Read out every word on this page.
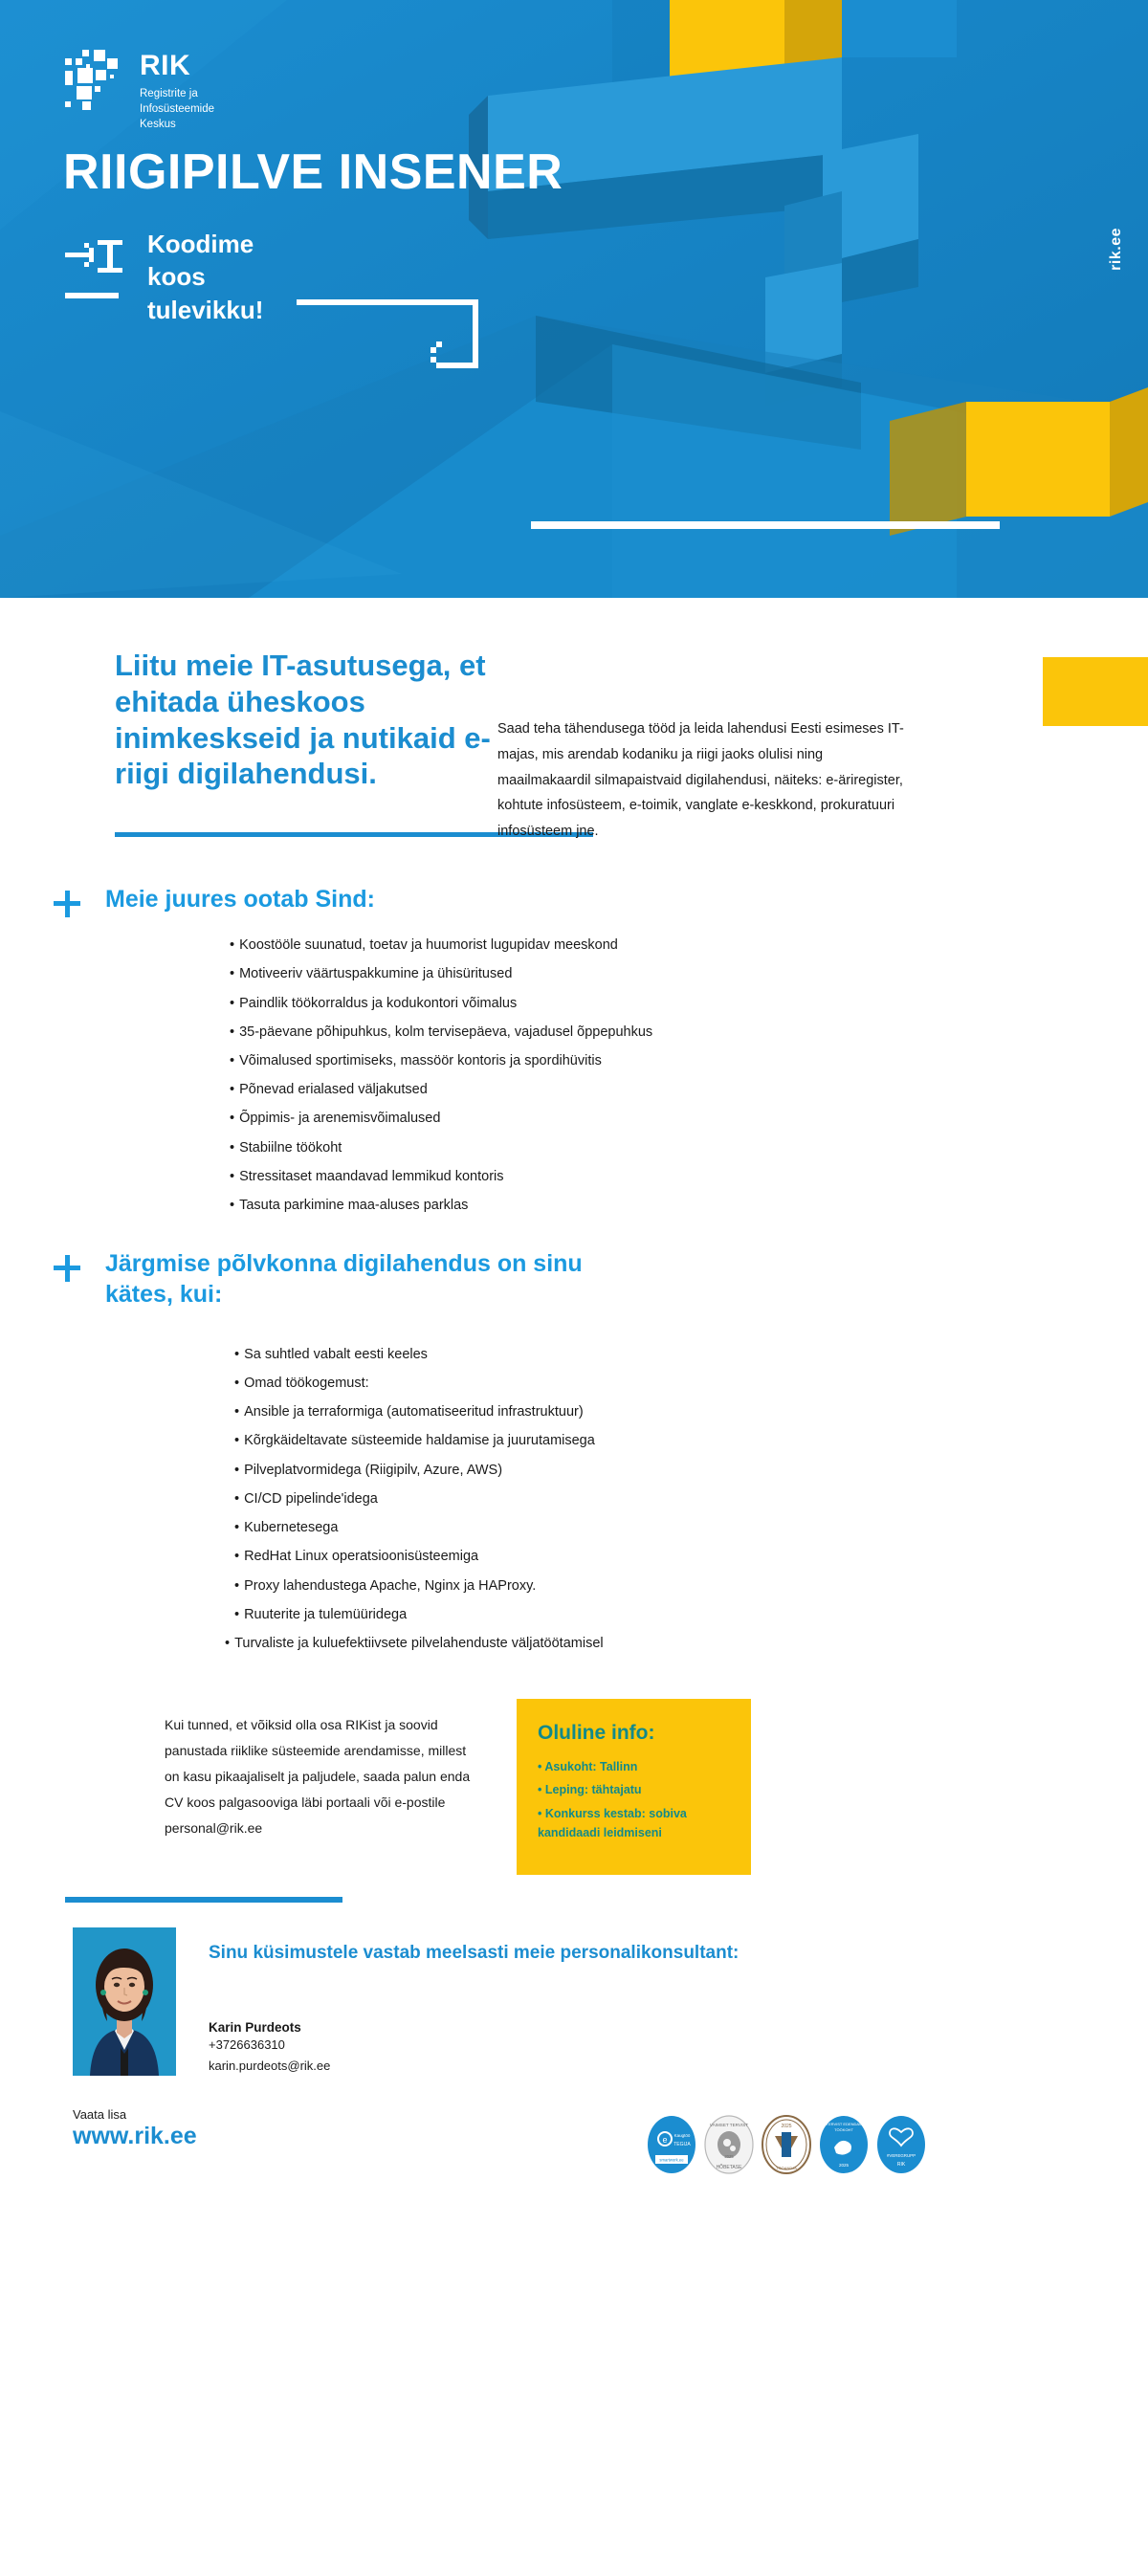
RIK
Registrite ja
Infosüsteemide
Keskus
RIIGIPILVE INSENER
Koodime
koos
tulevikku!
rik.ee
Liitu meie IT-asutusega, et ehitada üheskoos inimkeskseid ja nutikaid e-riigi digilahendusi.

Saad teha tähendusega tööd ja leida lahendusi Eesti esimeses IT-majas, mis arendab kodaniku ja riigi jaoks olulisi ning maailmakaardil silmapaistvaid digilahendusi, näiteks: e-äriregister, kohtute infosüsteem, e-toimik, vanglate e-keskkond, prokuratuuri infosüsteem jne.

Meie juures ootab Sind:
• Koostööle suunatud, toetav ja huumorist lugupidav meeskond
• Motiveeriv väärtuspakkumine ja ühisüritused
• Paindlik töökorraldus ja kodukontori võimalus
• 35-päevane põhipuhkus, kolm tervisepäeva, vajadusel õppepuhkus
• Võimalused sportimiseks, massöör kontoris ja spordihüvitis
• Põnevad erialased väljakutsed
• Õppimis- ja arenemisvõimalused
• Stabiilne töökoht
• Stressitaset maandavad lemmikud kontoris
• Tasuta parkimine maa-aluses parklas
Järgmise põlvkonna digilahendus on sinu kätes, kui:
• Sa suhtled vabalt eesti keeles
• Omad töökogemust:
• Ansible ja terraformiga (automatiseeritud infrastruktuur)
• Kõrgkäideltavate süsteemide haldamise ja juurutamisega
• Pilveplatvormidega (Riigipilv, Azure, AWS)
• CI/CD pipelinde'idega
• Kubernetesega
• RedHat Linux operatsioonisüsteemiga
• Proxy lahendustega Apache, Nginx ja HAProxy.
• Ruuterite ja tulemüüridega
• Turvaliste ja kuluefektiivsete pilvelahenduste väljatöötamisel

Kui tunned, et võiksid olla osa RIKist ja soovid panustada riiklike süsteemide arendamisse, millest on kasu pikaajaliselt ja paljudele, saada palun enda CV koos palgasooviga läbi portaali või e-postile personal@rik.ee

Oluline info:
• Asukoht: Tallinn
• Leping: tähtajatu
• Konkurss kestab: sobiva kandidaadi leidmiseni
Sinu küsimustele vastab meelsasti meie personalikonsultant:
Karin Purdeots
+3726636310
karin.purdeots@rik.ee
Vaata lisa
www.rik.ee	e Kaugtöö
TEGIJA
smartwork.ee
VAIMSET TERVIST
2025
HÕBETASE
2025
TÖÖANDJA
TERVIST EDENDAV
TÖÖKOHT
2025
#VEREGRUPP
RIK
